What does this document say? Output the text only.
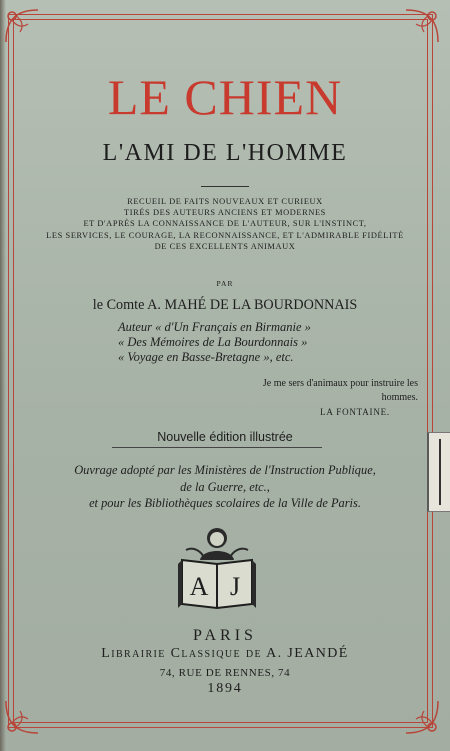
LE CHIEN
L'AMI DE L'HOMME
RECUEIL DE FAITS NOUVEAUX ET CURIEUX
TIRÉS DES AUTEURS ANCIENS ET MODERNES
ET D'APRÈS LA CONNAISSANCE DE L'AUTEUR, SUR L'INSTINCT,
LES SERVICES, LE COURAGE, LA RECONNAISSANCE, ET L'ADMIRABLE FIDÉLITÉ
DE CES EXCELLENTS ANIMAUX
PAR
le Comte A. MAHÉ DE LA BOURDONNAIS
Auteur « d'Un Français en Birmanie »
« Des Mémoires de La Bourdonnais »
« Voyage en Basse-Bretagne », etc.
Je me sers d'animaux pour instruire les hommes.
LA FONTAINE.
Nouvelle édition illustrée
Ouvrage adopté par les Ministères de l'Instruction Publique,
de la Guerre, etc.,
et pour les Bibliothèques scolaires de la Ville de Paris.
A J
PARIS
Librairie Classique de A. JEANDÉ
74, RUE DE RENNES, 74
1894
